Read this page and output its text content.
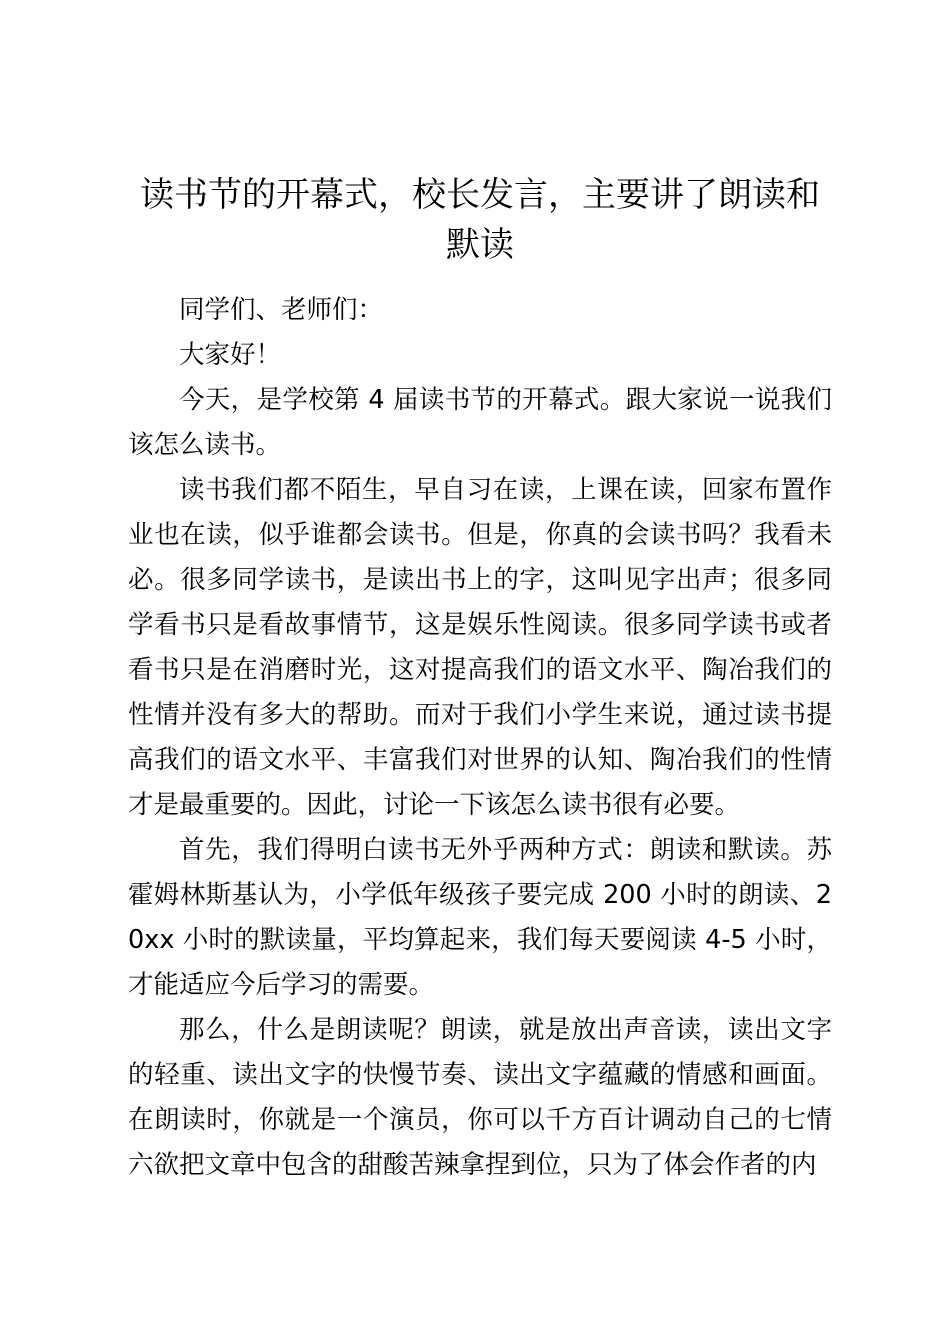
读书节的开幕式，校长发言，主要讲了朗读和默读

同学们、老师们：

大家好！

今天，是学校第 4 届读书节的开幕式。跟大家说一说我们该怎么读书。

读书我们都不陌生，早自习在读，上课在读，回家布置作业也在读，似乎谁都会读书。但是，你真的会读书吗？我看未必。很多同学读书，是读出书上的字，这叫见字出声；很多同学看书只是看故事情节，这是娱乐性阅读。很多同学读书或者看书只是在消磨时光，这对提高我们的语文水平、陶冶我们的性情并没有多大的帮助。而对于我们小学生来说，通过读书提高我们的语文水平、丰富我们对世界的认知、陶冶我们的性情才是最重要的。因此，讨论一下该怎么读书很有必要。

首先，我们得明白读书无外乎两种方式：朗读和默读。苏霍姆林斯基认为，小学低年级孩子要完成 200 小时的朗读、20xx 小时的默读量，平均算起来，我们每天要阅读 4-5 小时，才能适应今后学习的需要。

那么，什么是朗读呢？朗读，就是放出声音读，读出文字的轻重、读出文字的快慢节奏、读出文字蕴藏的情感和画面。在朗读时，你就是一个演员，你可以千方百计调动自己的七情六欲把文章中包含的甜酸苦辣拿捏到位，只为了体会作者的内
